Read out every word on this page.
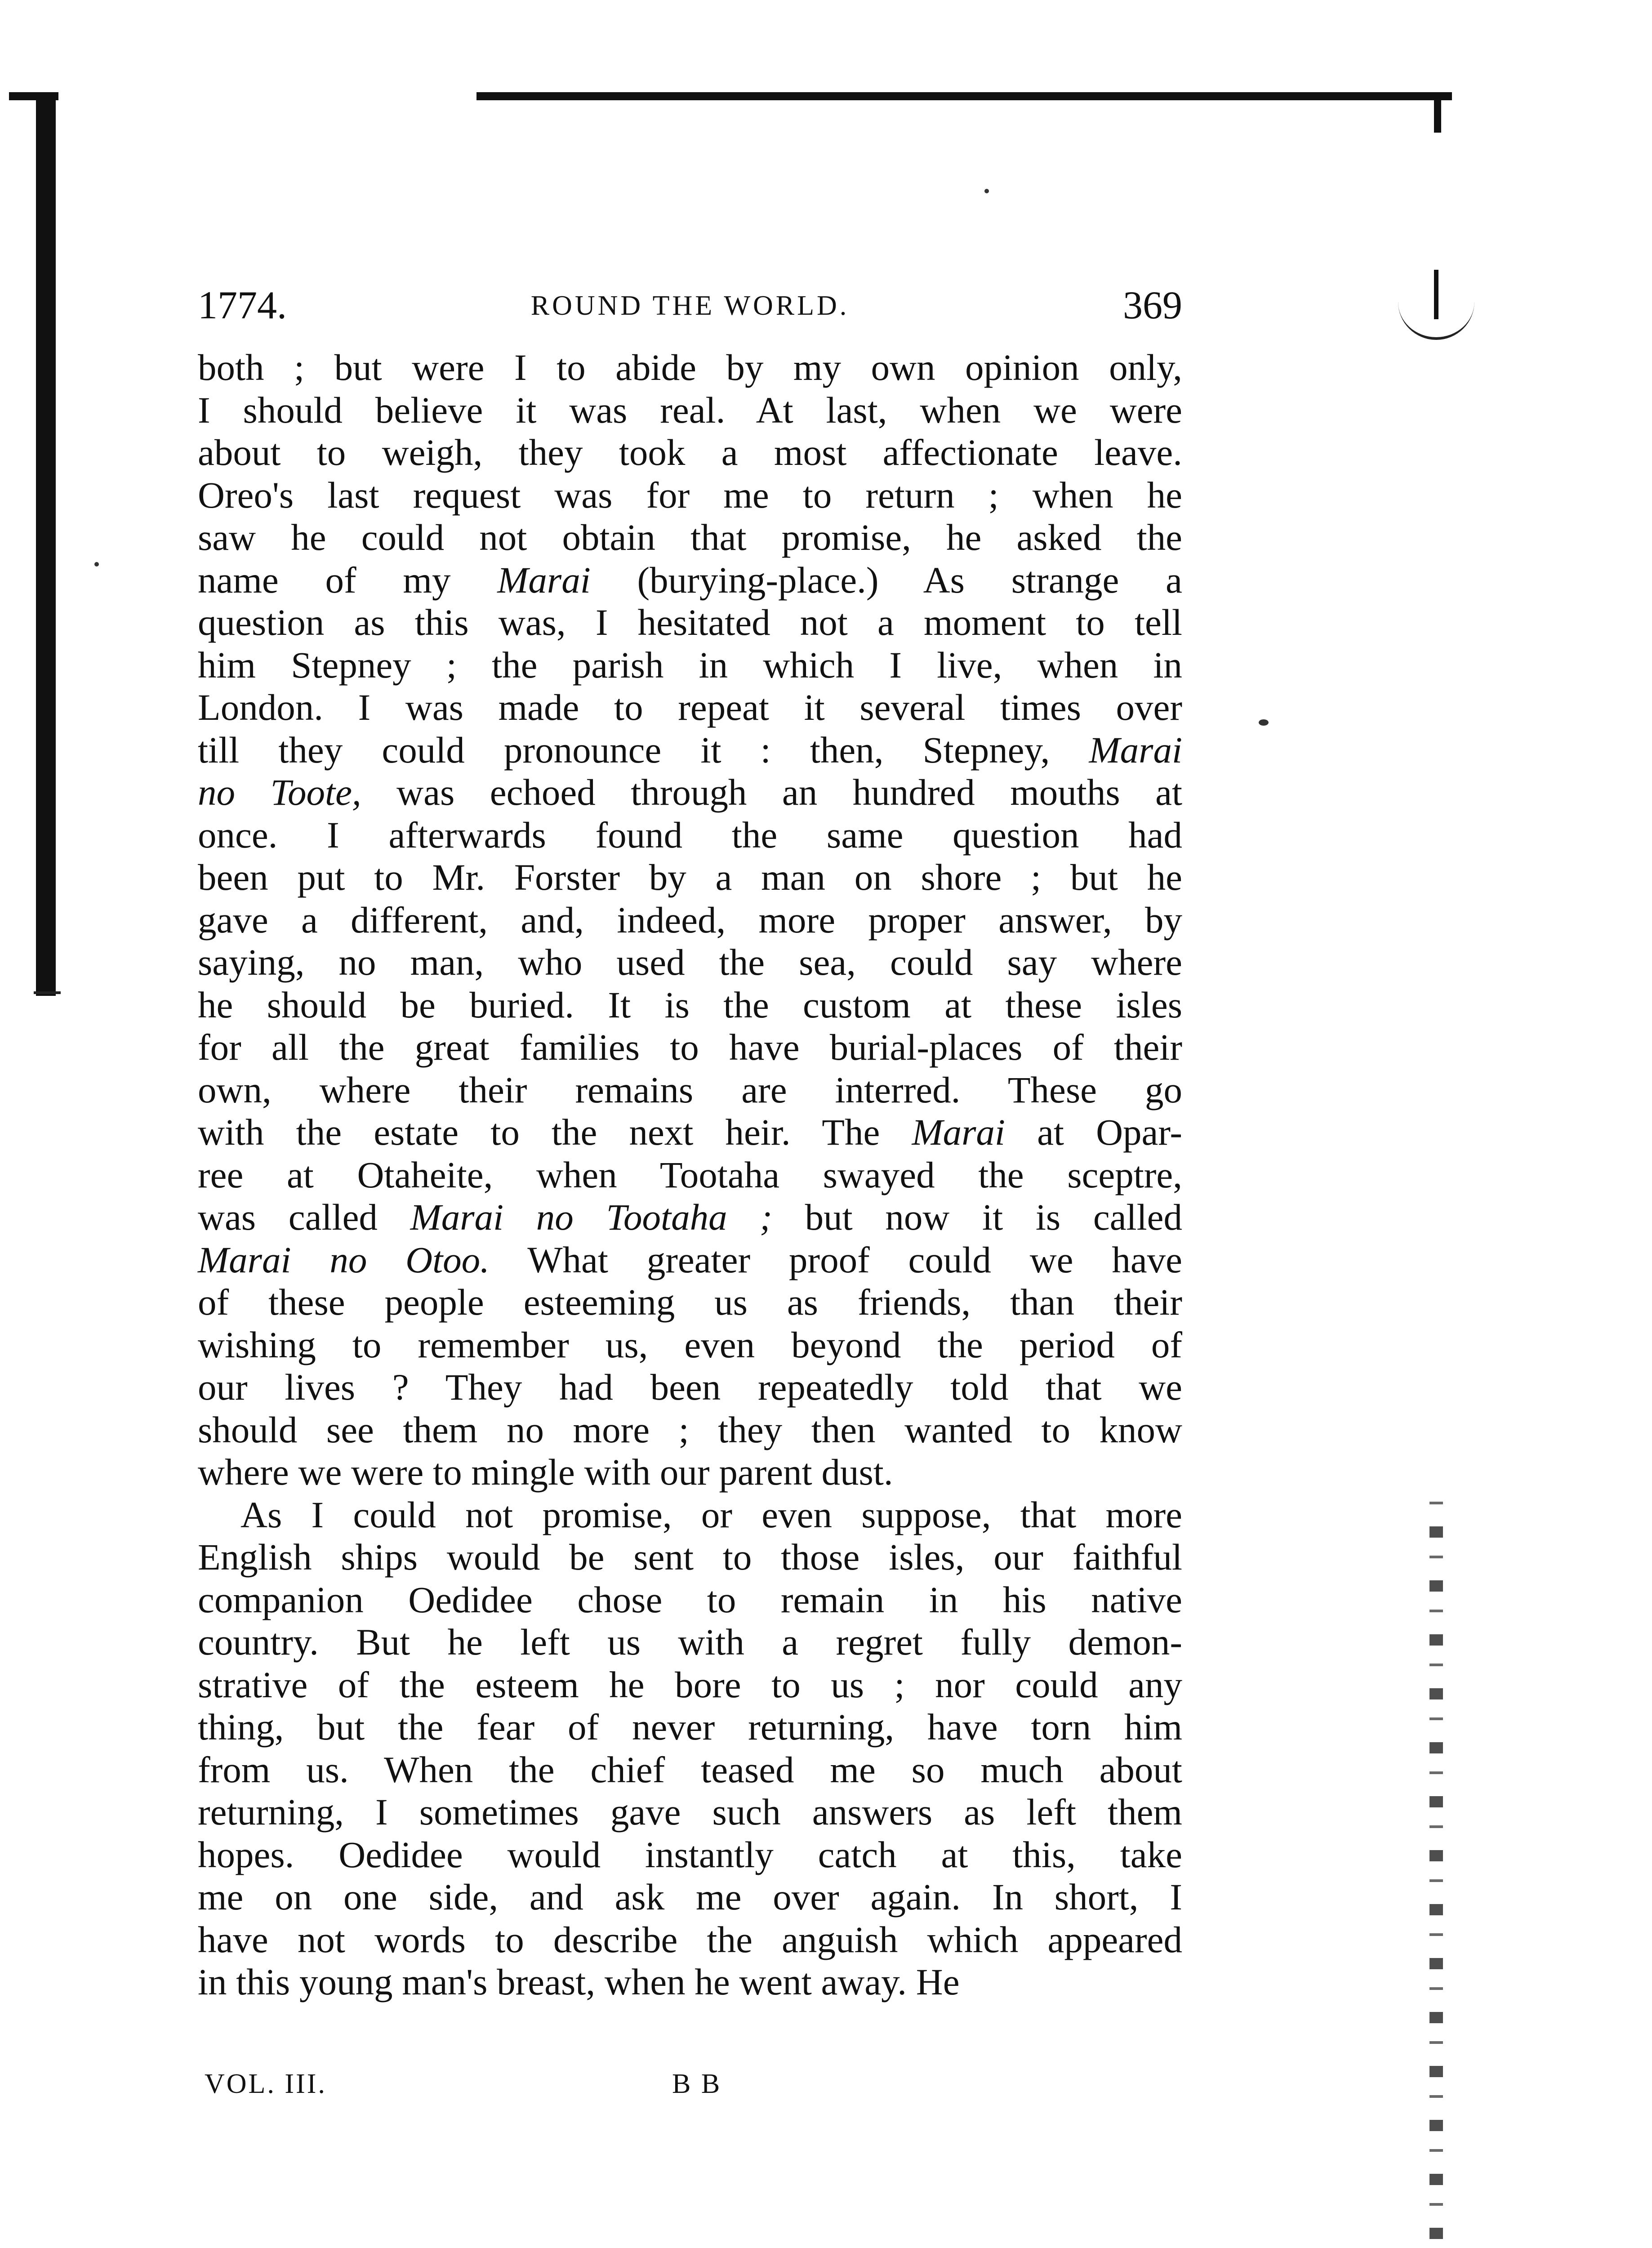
1774.	ROUND THE WORLD.	369
both ; but were I to abide by my own opinion only,
I should believe it was real. At last, when we were
about to weigh, they took a most affectionate leave.
Oreo's last request was for me to return ; when he
saw he could not obtain that promise, he asked the
name of my Marai (burying-place.) As strange a
question as this was, I hesitated not a moment to tell
him Stepney ; the parish in which I live, when in
London. I was made to repeat it several times over
till they could pronounce it : then, Stepney, Marai
no Toote, was echoed through an hundred mouths at
once. I afterwards found the same question had
been put to Mr. Forster by a man on shore ; but he
gave a different, and, indeed, more proper answer, by
saying, no man, who used the sea, could say where
he should be buried. It is the custom at these isles
for all the great families to have burial-places of their
own, where their remains are interred. These go
with the estate to the next heir. The Marai at Opar-
ree at Otaheite, when Tootaha swayed the sceptre,
was called Marai no Tootaha ; but now it is called
Marai no Otoo. What greater proof could we have
of these people esteeming us as friends, than their
wishing to remember us, even beyond the period of
our lives ? They had been repeatedly told that we
should see them no more ; they then wanted to know
where we were to mingle with our parent dust.
As I could not promise, or even suppose, that more
English ships would be sent to those isles, our faithful
companion Oedidee chose to remain in his native
country. But he left us with a regret fully demon-
strative of the esteem he bore to us ; nor could any
thing, but the fear of never returning, have torn him
from us. When the chief teased me so much about
returning, I sometimes gave such answers as left them
hopes. Oedidee would instantly catch at this, take
me on one side, and ask me over again. In short, I
have not words to describe the anguish which appeared
in this young man's breast, when he went away. He
VOL. III.	B B
